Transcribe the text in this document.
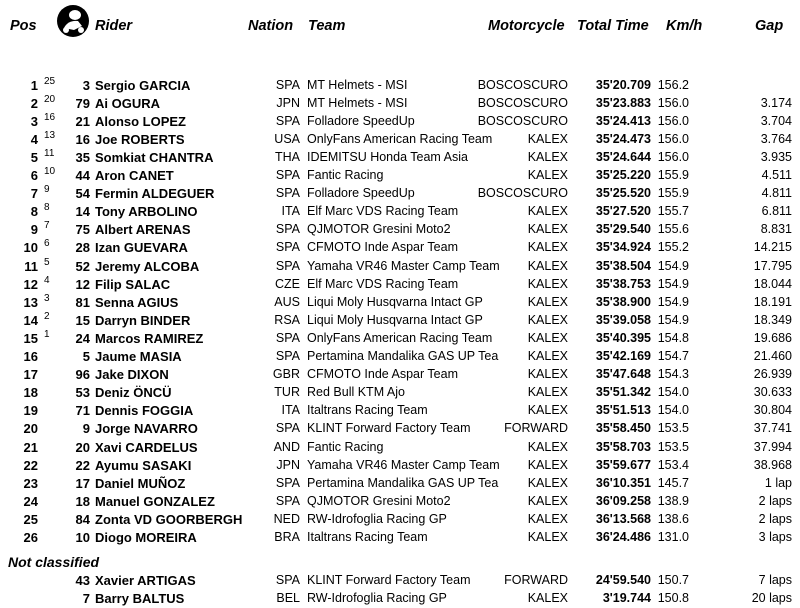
Pos	Rider	Nation Team	Motorcycle Total Time Km/h	Gap
1 25	3 Sergio GARCIA	SPA MT Helmets - MSI	BOSCOSCURO	35'20.709 156.2
2 20	79 Ai OGURA	JPN MT Helmets - MSI	BOSCOSCURO	35'23.883 156.0	3.174
3 16	21 Alonso LOPEZ	SPA Folladore SpeedUp	BOSCOSCURO	35'24.413 156.0	3.704
4 13	16 Joe ROBERTS	USA OnlyFans American Racing Team	KALEX	35'24.473 156.0	3.764
5 11	35 Somkiat CHANTRA	THA IDEMITSU Honda Team Asia	KALEX	35'24.644 156.0	3.935
6 10	44 Aron CANET	SPA Fantic Racing	KALEX	35'25.220 155.9	4.511
7 9	54 Fermin ALDEGUER	SPA Folladore SpeedUp	BOSCOSCURO	35'25.520 155.9	4.811
8 8	14 Tony ARBOLINO	ITA Elf Marc VDS Racing Team	KALEX	35'27.520 155.7	6.811
9 7	75 Albert ARENAS	SPA QJMOTOR Gresini Moto2	KALEX	35'29.540 155.6	8.831
10 6	28 Izan GUEVARA	SPA CFMOTO Inde Aspar Team	KALEX	35'34.924 155.2	14.215
11 5	52 Jeremy ALCOBA	SPA Yamaha VR46 Master Camp Team	KALEX	35'38.504 154.9	17.795
12 4	12 Filip SALAC	CZE Elf Marc VDS Racing Team	KALEX	35'38.753 154.9	18.044
13 3	81 Senna AGIUS	AUS Liqui Moly Husqvarna Intact GP	KALEX	35'38.900 154.9	18.191
14 2	15 Darryn BINDER	RSA Liqui Moly Husqvarna Intact GP	KALEX	35'39.058 154.9	18.349
15 1	24 Marcos RAMIREZ	SPA OnlyFans American Racing Team	KALEX	35'40.395 154.8	19.686
16	5 Jaume MASIA	SPA Pertamina Mandalika GAS UP Tea	KALEX	35'42.169 154.7	21.460
17	96 Jake DIXON	GBR CFMOTO Inde Aspar Team	KALEX	35'47.648 154.3	26.939
18	53 Deniz ÖNCÜ	TUR Red Bull KTM Ajo	KALEX	35'51.342 154.0	30.633
19	71 Dennis FOGGIA	ITA Italtrans Racing Team	KALEX	35'51.513 154.0	30.804
20	9 Jorge NAVARRO	SPA KLINT Forward Factory Team	FORWARD	35'58.450 153.5	37.741
21	20 Xavi CARDELUS	AND Fantic Racing	KALEX	35'58.703 153.5	37.994
22	22 Ayumu SASAKI	JPN Yamaha VR46 Master Camp Team	KALEX	35'59.677 153.4	38.968
23	17 Daniel MUÑOZ	SPA Pertamina Mandalika GAS UP Tea	KALEX	36'10.351 145.7	1 lap
24	18 Manuel GONZALEZ	SPA QJMOTOR Gresini Moto2	KALEX	36'09.258 138.9	2 laps
25	84 Zonta VD GOORBERGH	NED RW-Idrofoglia Racing GP	KALEX	36'13.568 138.6	2 laps
26	10 Diogo MOREIRA	BRA Italtrans Racing Team	KALEX	36'24.486 131.0	3 laps
Not classified
43 Xavier ARTIGAS	SPA KLINT Forward Factory Team	FORWARD	24'59.540 150.7	7 laps
7 Barry BALTUS	BEL RW-Idrofoglia Racing GP	KALEX	3'19.744 150.8	20 laps
